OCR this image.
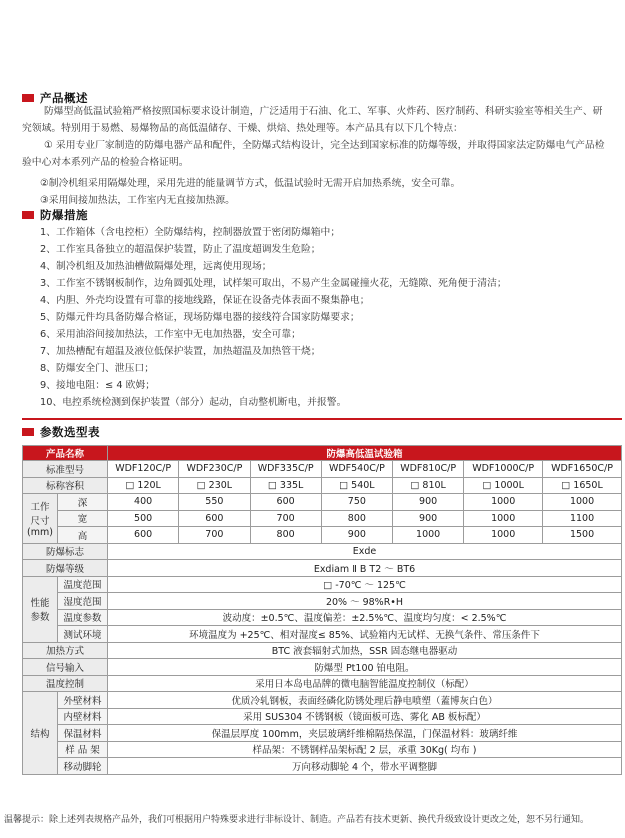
产品概述
防爆型高低温试验箱严格按照国标要求设计制造，广泛适用于石油、化工、军事、火炸药、医疗制药、科研实验室等相关生产、研究领域。特别用于易燃、易爆物品的高低温储存、干燥、烘焙、热处理等。本产品具有以下几个特点：
① 采用专业厂家制造的防爆电器产品和配件，全防爆式结构设计，完全达到国家标准的防爆等级，并取得国家法定防爆电气产品检验中心对本系列产品的检验合格证明。
②制冷机组采用隔爆处理，采用先进的能量调节方式，低温试验时无需开启加热系统，安全可靠。
③采用间接加热法，工作室内无直接加热源。
防爆措施
1、工作箱体（含电控柜）全防爆结构，控制器放置于密闭防爆箱中；
2、工作室具备独立的超温保护装置，防止了温度超调发生危险；
4、制冷机组及加热油槽做隔爆处理，远离使用现场；
3、工作室不锈钢板制作，边角圆弧处理，试样架可取出，不易产生金属碰撞火花，无缝隙、死角便于清洁；
4、内胆、外壳均设置有可靠的接地线路，保证在设备壳体表面不聚集静电；
5、防爆元件均具备防爆合格证，现场防爆电器的接线符合国家防爆要求；
6、采用油浴间接加热法，工作室中无电加热器，安全可靠；
7、加热槽配有超温及液位低保护装置，加热超温及加热管干烧；
8、防爆安全门、泄压口；
9、接地电阻：≤ 4 欧姆；
10、电控系统检测到保护装置（部分）起动，自动整机断电，并报警。
参数选型表
产品名称		防爆高低温试验箱						
标准型号		WDF120C/P	WDF230C/P	WDF335C/P	WDF540C/P	WDF810C/P	WDF1000C/P	WDF1650C/P
标称容积		□ 120L	□ 230L	□ 335L	□ 540L	□ 810L	□ 1000L	□ 1650L

工作
尺寸
(mm)	深	400	550	600	750	900	1000	1000
	宽	500	600	700	800	900	1000	1100
	高	600	700	800	900	1000	1000	1500
防爆标志		Exde						
防爆等级		Exdiam Ⅱ B T2 ～ BT6						

性能
参数	温度范围	□ -70℃ ～ 125℃						
	湿度范围	20% ～ 98%R•H						
	温度参数	波动度：±0.5℃、温度偏差：±2.5%℃、温度均匀度：< 2.5%℃						
	测试环境	环境温度为 +25℃、相对湿度≤ 85%、试验箱内无试样、无换气条件、常压条件下						
加热方式		BTC 液套辐射式加热，SSR 固态继电器驱动						
信号输入		防爆型 Pt100 铂电阻。						
温度控制		采用日本岛电品牌的微电脑智能温度控制仪（标配）						
结构	外壁材料	优质冷轧钢板，表面经磷化防锈处理后静电喷塑（蓋博灰白色）						
	内壁材料	采用 SUS304 不锈钢板（镜面板可选、雾化 AB 板标配）						
	保温材料	保温层厚度 100mm，夹层玻璃纤维棉隔热保温，门保温材料：玻璃纤维						
	样 品 架	样品架：不锈钢样品架标配 2 层，承重 30Kg( 均布 )						
	移动脚轮	万向移动脚轮 4 个，带水平调整脚						
温馨提示：除上述列表规格产品外，我们可根据用户特殊要求进行非标设计、制造。产品若有技术更新、换代升级致设计更改之处，恕不另行通知。
